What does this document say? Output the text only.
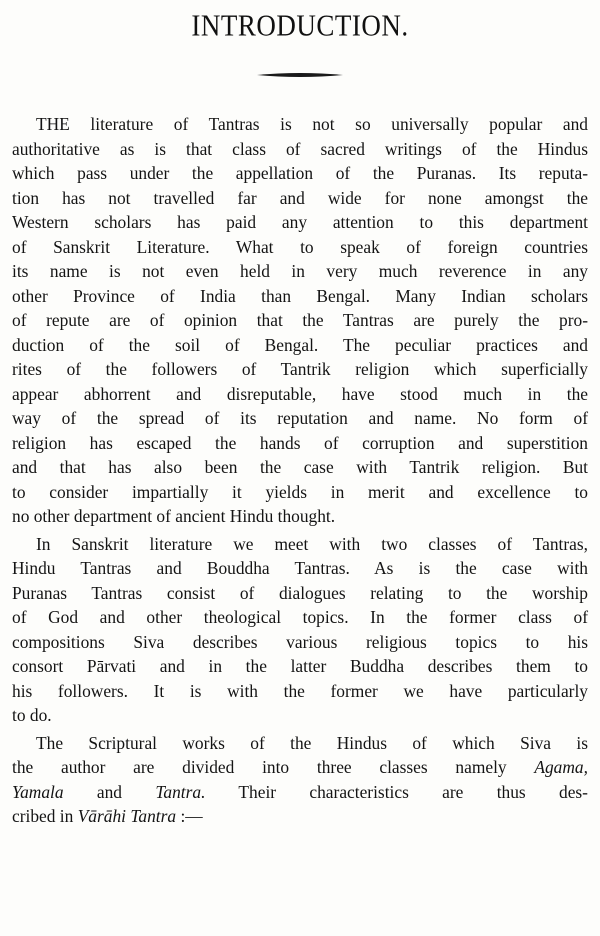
INTRODUCTION.
THE literature of Tantras is not so universally popular and
authoritative as is that class of sacred writings of the Hindus
which pass under the appellation of the Puranas. Its reputa-
tion has not travelled far and wide for none amongst the
Western scholars has paid any attention to this department
of Sanskrit Literature. What to speak of foreign countries
its name is not even held in very much reverence in any
other Province of India than Bengal. Many Indian scholars
of repute are of opinion that the Tantras are purely the pro-
duction of the soil of Bengal. The peculiar practices and
rites of the followers of Tantrik religion which superficially
appear abhorrent and disreputable, have stood much in the
way of the spread of its reputation and name. No form of
religion has escaped the hands of corruption and superstition
and that has also been the case with Tantrik religion. But
to consider impartially it yields in merit and excellence to
no other department of ancient Hindu thought.
In Sanskrit literature we meet with two classes of Tantras,
Hindu Tantras and Bouddha Tantras. As is the case with
Puranas Tantras consist of dialogues relating to the worship
of God and other theological topics. In the former class of
compositions Siva describes various religious topics to his
consort Pārvati and in the latter Buddha describes them to
his followers. It is with the former we have particularly
to do.
The Scriptural works of the Hindus of which Siva is
the author are divided into three classes namely Agama,
Yamala and Tantra. Their characteristics are thus des-
cribed in Vārāhi Tantra :—
